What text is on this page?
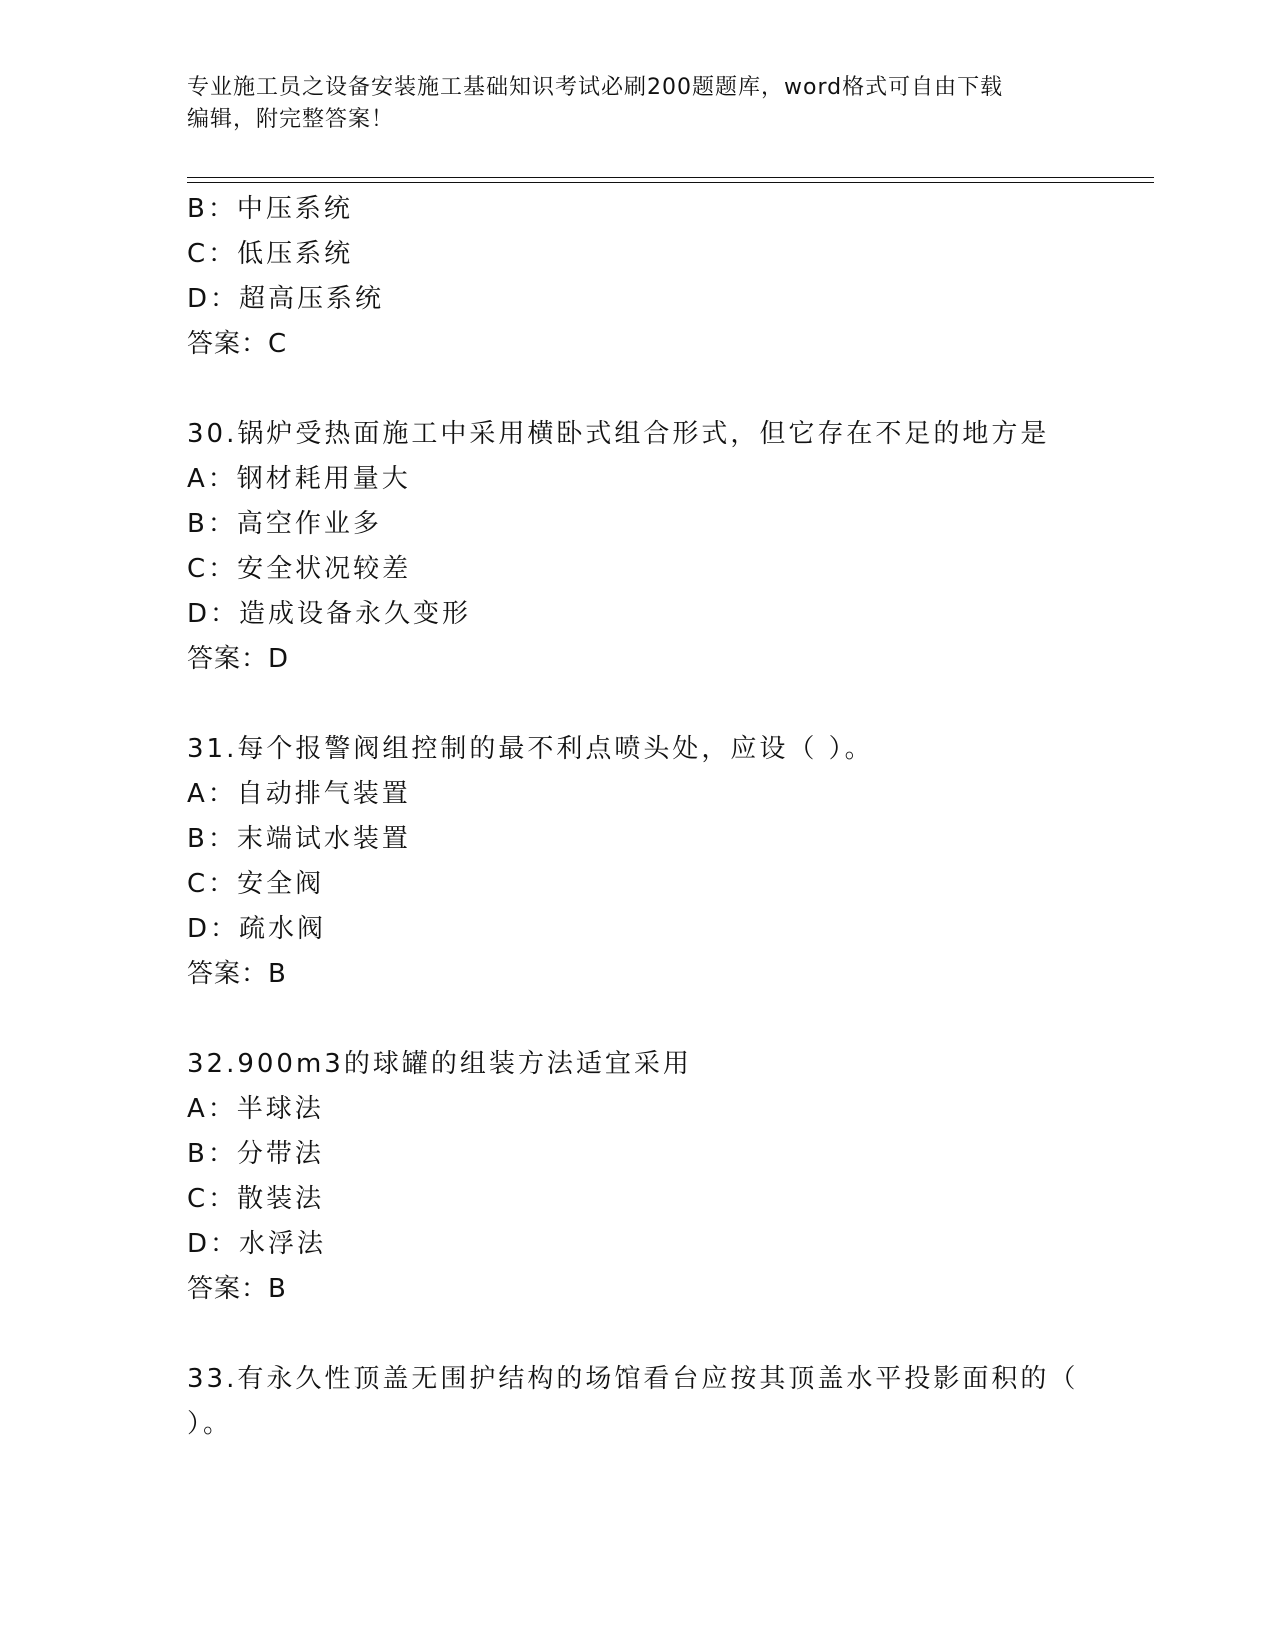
专业施工员之设备安装施工基础知识考试必刷200题题库，word格式可自由下载
编辑，附完整答案！
B：中压系统
C：低压系统
D：超高压系统
答案：C
30.锅炉受热面施工中采用横卧式组合形式，但它存在不足的地方是
A：钢材耗用量大
B：高空作业多
C：安全状况较差
D：造成设备永久变形
答案：D
31.每个报警阀组控制的最不利点喷头处，应设（ ）。
A：自动排气装置
B：末端试水装置
C：安全阀
D：疏水阀
答案：B
32.900m3的球罐的组装方法适宜采用
A：半球法
B：分带法
C：散装法
D：水浮法
答案：B
33.有永久性顶盖无围护结构的场馆看台应按其顶盖水平投影面积的（
）。
